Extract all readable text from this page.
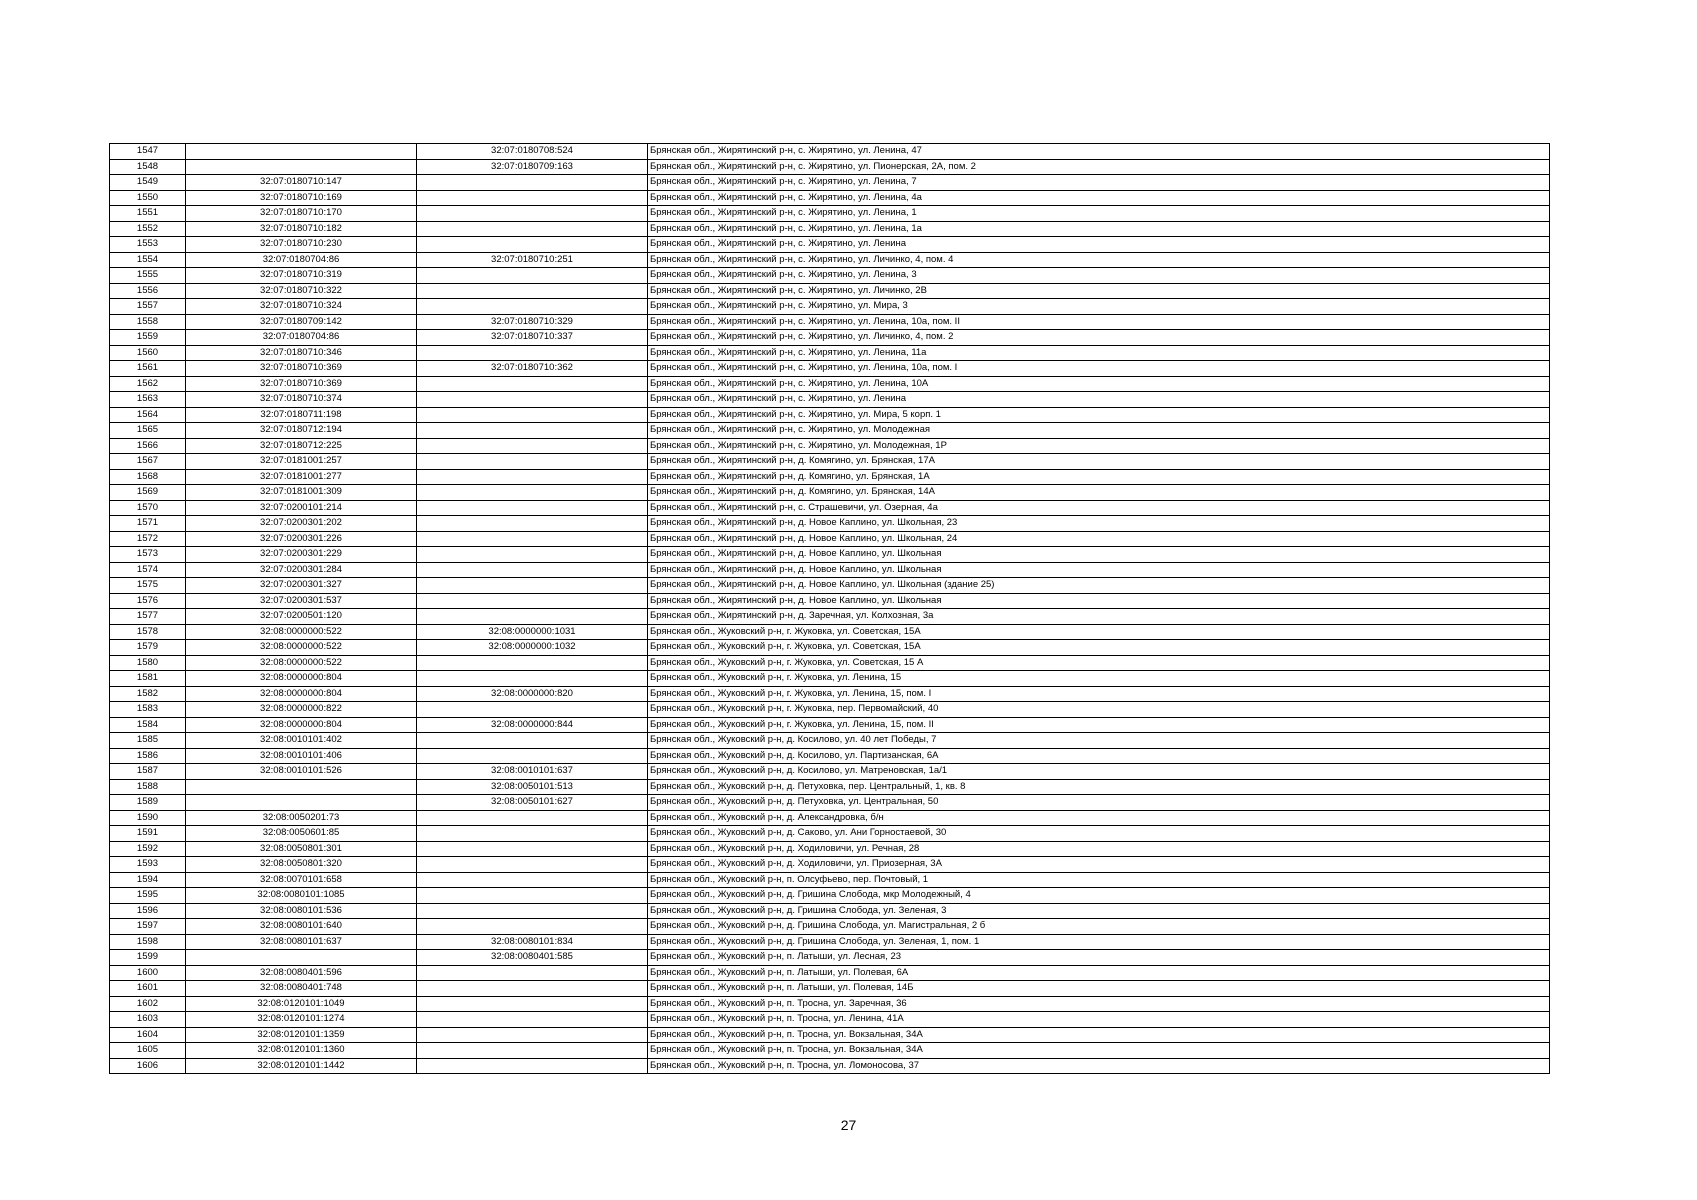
1547		32:07:0180708:524	Брянская обл., Жирятинский р-н, с. Жирятино, ул. Ленина, 47
1548		32:07:0180709:163	Брянская обл., Жирятинский р-н, с. Жирятино, ул. Пионерская, 2А, пом. 2
1549	32:07:0180710:147		Брянская обл., Жирятинский р-н, с. Жирятино, ул. Ленина, 7
1550	32:07:0180710:169		Брянская обл., Жирятинский р-н, с. Жирятино, ул. Ленина, 4а
1551	32:07:0180710:170		Брянская обл., Жирятинский р-н, с. Жирятино, ул. Ленина, 1
1552	32:07:0180710:182		Брянская обл., Жирятинский р-н, с. Жирятино, ул. Ленина, 1а
1553	32:07:0180710:230		Брянская обл., Жирятинский р-н, с. Жирятино, ул. Ленина
1554	32:07:0180704:86	32:07:0180710:251	Брянская обл., Жирятинский р-н, с. Жирятино, ул. Личинко, 4, пом. 4
1555	32:07:0180710:319		Брянская обл., Жирятинский р-н, с. Жирятино, ул. Ленина, 3
1556	32:07:0180710:322		Брянская обл., Жирятинский р-н, с. Жирятино, ул. Личинко, 2В
1557	32:07:0180710:324		Брянская обл., Жирятинский р-н, с. Жирятино, ул. Мира, 3
1558	32:07:0180709:142	32:07:0180710:329	Брянская обл., Жирятинский р-н, с. Жирятино, ул. Ленина, 10а, пом. II
1559	32:07:0180704:86	32:07:0180710:337	Брянская обл., Жирятинский р-н, с. Жирятино, ул. Личинко, 4, пом. 2
1560	32:07:0180710:346		Брянская обл., Жирятинский р-н, с. Жирятино, ул. Ленина, 11а
1561	32:07:0180710:369	32:07:0180710:362	Брянская обл., Жирятинский р-н, с. Жирятино, ул. Ленина, 10а, пом. I
1562	32:07:0180710:369		Брянская обл., Жирятинский р-н, с. Жирятино, ул. Ленина, 10А
1563	32:07:0180710:374		Брянская обл., Жирятинский р-н, с. Жирятино, ул. Ленина
1564	32:07:0180711:198		Брянская обл., Жирятинский р-н, с. Жирятино, ул. Мира, 5 корп. 1
1565	32:07:0180712:194		Брянская обл., Жирятинский р-н, с. Жирятино, ул. Молодежная
1566	32:07:0180712:225		Брянская обл., Жирятинский р-н, с. Жирятино, ул. Молодежная, 1Р
1567	32:07:0181001:257		Брянская обл., Жирятинский р-н, д. Комягино, ул. Брянская, 17А
1568	32:07:0181001:277		Брянская обл., Жирятинский р-н, д. Комягино, ул. Брянская, 1А
1569	32:07:0181001:309		Брянская обл., Жирятинский р-н, д. Комягино, ул. Брянская, 14А
1570	32:07:0200101:214		Брянская обл., Жирятинский р-н, с. Страшевичи, ул. Озерная, 4а
1571	32:07:0200301:202		Брянская обл., Жирятинский р-н, д. Новое Каплино, ул. Школьная, 23
1572	32:07:0200301:226		Брянская обл., Жирятинский р-н, д. Новое Каплино, ул. Школьная, 24
1573	32:07:0200301:229		Брянская обл., Жирятинский р-н, д. Новое Каплино, ул. Школьная
1574	32:07:0200301:284		Брянская обл., Жирятинский р-н, д. Новое Каплино, ул. Школьная
1575	32:07:0200301:327		Брянская обл., Жирятинский р-н, д. Новое Каплино, ул. Школьная (здание 25)
1576	32:07:0200301:537		Брянская обл., Жирятинский р-н, д. Новое Каплино, ул. Школьная
1577	32:07:0200501:120		Брянская обл., Жирятинский р-н, д. Заречная, ул. Колхозная, 3а
1578	32:08:0000000:522	32:08:0000000:1031	Брянская обл., Жуковский р-н, г. Жуковка, ул. Советская, 15А
1579	32:08:0000000:522	32:08:0000000:1032	Брянская обл., Жуковский р-н, г. Жуковка, ул. Советская, 15А
1580	32:08:0000000:522		Брянская обл., Жуковский р-н, г. Жуковка, ул. Советская, 15 А
1581	32:08:0000000:804		Брянская обл., Жуковский р-н, г. Жуковка, ул. Ленина, 15
1582	32:08:0000000:804	32:08:0000000:820	Брянская обл., Жуковский р-н, г. Жуковка, ул. Ленина, 15, пом. I
1583	32:08:0000000:822		Брянская обл., Жуковский р-н, г. Жуковка, пер. Первомайский, 40
1584	32:08:0000000:804	32:08:0000000:844	Брянская обл., Жуковский р-н, г. Жуковка, ул. Ленина, 15, пом. II
1585	32:08:0010101:402		Брянская обл., Жуковский р-н, д. Косилово, ул. 40 лет Победы, 7
1586	32:08:0010101:406		Брянская обл., Жуковский р-н, д. Косилово, ул. Партизанская, 6А
1587	32:08:0010101:526	32:08:0010101:637	Брянская обл., Жуковский р-н, д. Косилово, ул. Матреновская, 1а/1
1588		32:08:0050101:513	Брянская обл., Жуковский р-н, д. Петуховка, пер. Центральный, 1, кв. 8
1589		32:08:0050101:627	Брянская обл., Жуковский р-н, д. Петуховка, ул. Центральная, 50
1590	32:08:0050201:73		Брянская обл., Жуковский р-н, д. Александровка, б/н
1591	32:08:0050601:85		Брянская обл., Жуковский р-н, д. Саково, ул. Ани Горностаевой, 30
1592	32:08:0050801:301		Брянская обл., Жуковский р-н, д. Ходиловичи, ул. Речная, 28
1593	32:08:0050801:320		Брянская обл., Жуковский р-н, д. Ходиловичи, ул. Приозерная, 3А
1594	32:08:0070101:658		Брянская обл., Жуковский р-н, п. Олсуфьево, пер. Почтовый, 1
1595	32:08:0080101:1085		Брянская обл., Жуковский р-н, д. Гришина Слобода, мкр Молодежный, 4
1596	32:08:0080101:536		Брянская обл., Жуковский р-н, д. Гришина Слобода, ул. Зеленая, 3
1597	32:08:0080101:640		Брянская обл., Жуковский р-н, д. Гришина Слобода, ул. Магистральная, 2 б
1598	32:08:0080101:637	32:08:0080101:834	Брянская обл., Жуковский р-н, д. Гришина Слобода, ул. Зеленая, 1, пом. 1
1599		32:08:0080401:585	Брянская обл., Жуковский р-н, п. Латыши, ул. Лесная, 23
1600	32:08:0080401:596		Брянская обл., Жуковский р-н, п. Латыши, ул. Полевая, 6А
1601	32:08:0080401:748		Брянская обл., Жуковский р-н, п. Латыши, ул. Полевая, 14Б
1602	32:08:0120101:1049		Брянская обл., Жуковский р-н, п. Тросна, ул. Заречная, 36
1603	32:08:0120101:1274		Брянская обл., Жуковский р-н, п. Тросна, ул. Ленина, 41А
1604	32:08:0120101:1359		Брянская обл., Жуковский р-н, п. Тросна, ул. Вокзальная, 34А
1605	32:08:0120101:1360		Брянская обл., Жуковский р-н, п. Тросна, ул. Вокзальная, 34А
1606	32:08:0120101:1442		Брянская обл., Жуковский р-н, п. Тросна, ул. Ломоносова, 37
27
